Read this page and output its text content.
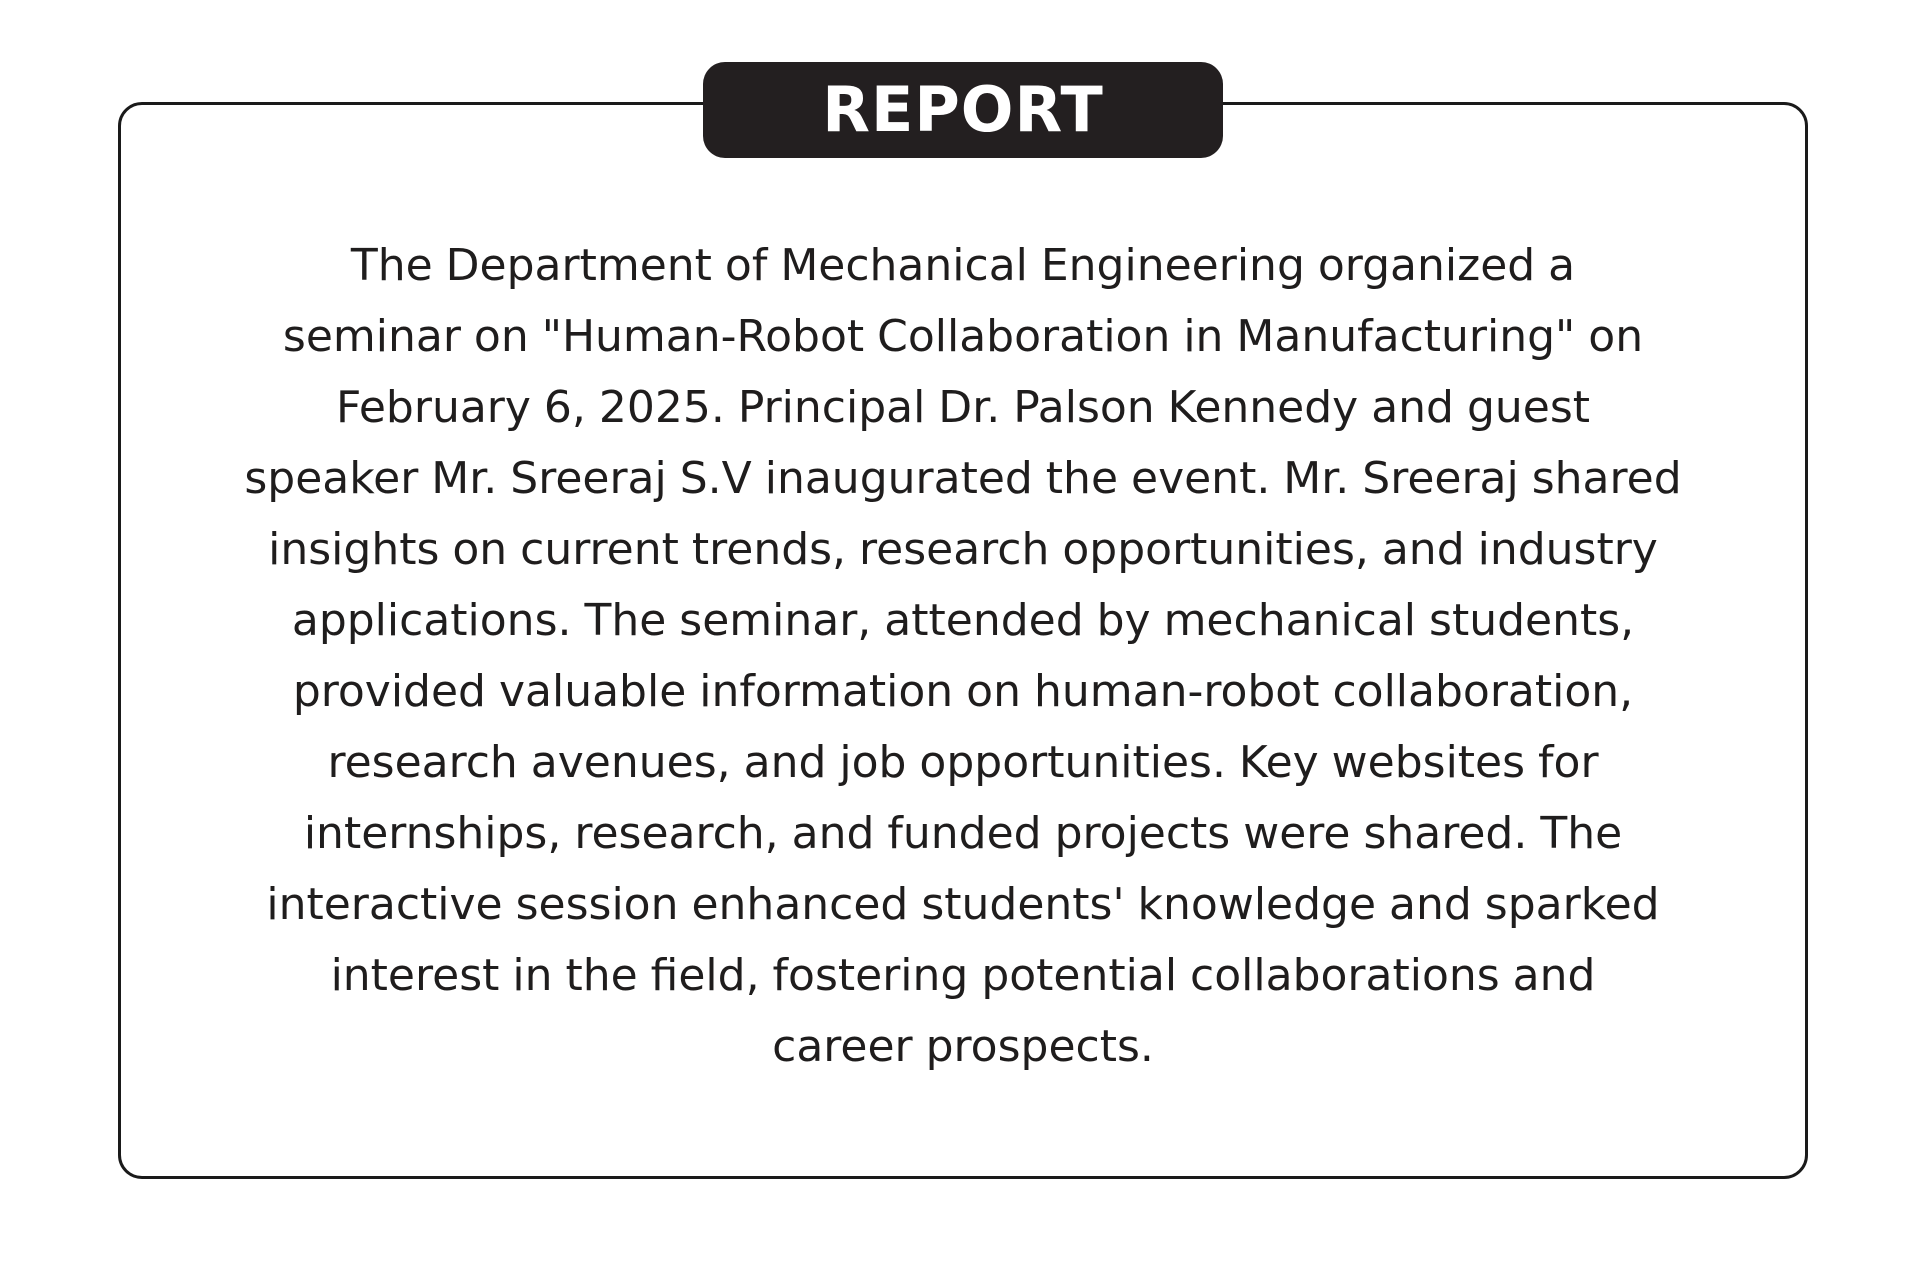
REPORT

The Department of Mechanical Engineering organized a
seminar on "Human-Robot Collaboration in Manufacturing" on
February 6, 2025. Principal Dr. Palson Kennedy and guest
speaker Mr. Sreeraj S.V inaugurated the event. Mr. Sreeraj shared
insights on current trends, research opportunities, and industry
applications. The seminar, attended by mechanical students,
provided valuable information on human-robot collaboration,
research avenues, and job opportunities. Key websites for
internships, research, and funded projects were shared. The
interactive session enhanced students' knowledge and sparked
interest in the field, fostering potential collaborations and
career prospects.
